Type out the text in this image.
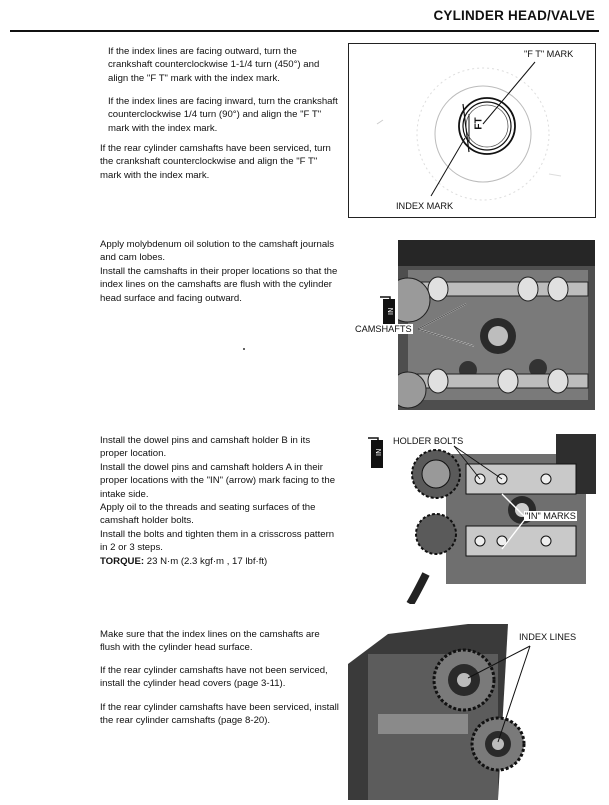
CYLINDER HEAD/VALVE

If the index lines are facing outward, turn the crankshaft counterclockwise 1-1/4 turn (450°) and align the "F T" mark with the index mark.

If the index lines are facing inward, turn the crankshaft counterclockwise 1/4 turn (90°) and align the "F T" mark with the index mark.

If the rear cylinder camshafts have been serviced, turn the crankshaft counterclockwise and align the "F T" mark with the index mark.

FT
"F T" MARK
INDEX MARK

Apply molybdenum oil solution to the camshaft journals and cam lobes.

Install the camshafts in their proper locations so that the index lines on the camshafts are flush with the cylinder head surface and facing outward.

IN
CAMSHAFTS

Install the dowel pins and camshaft holder B in its proper location.

Install the dowel pins and camshaft holders A in their proper locations with the "IN" (arrow) mark facing to the intake side.

Apply oil to the threads and seating surfaces of the camshaft holder bolts.

Install the bolts and tighten them in a crisscross pattern in 2 or 3 steps.

TORQUE: 23 N·m (2.3 kgf·m , 17 lbf·ft)
IN
HOLDER BOLTS
"IN" MARKS

Make sure that the index lines on the camshafts are flush with the cylinder head surface.

If the rear cylinder camshafts have not been serviced, install the cylinder head covers (page 3-11).

If the rear cylinder camshafts have been serviced, install the rear cylinder camshafts (page 8-20).

INDEX LINES
